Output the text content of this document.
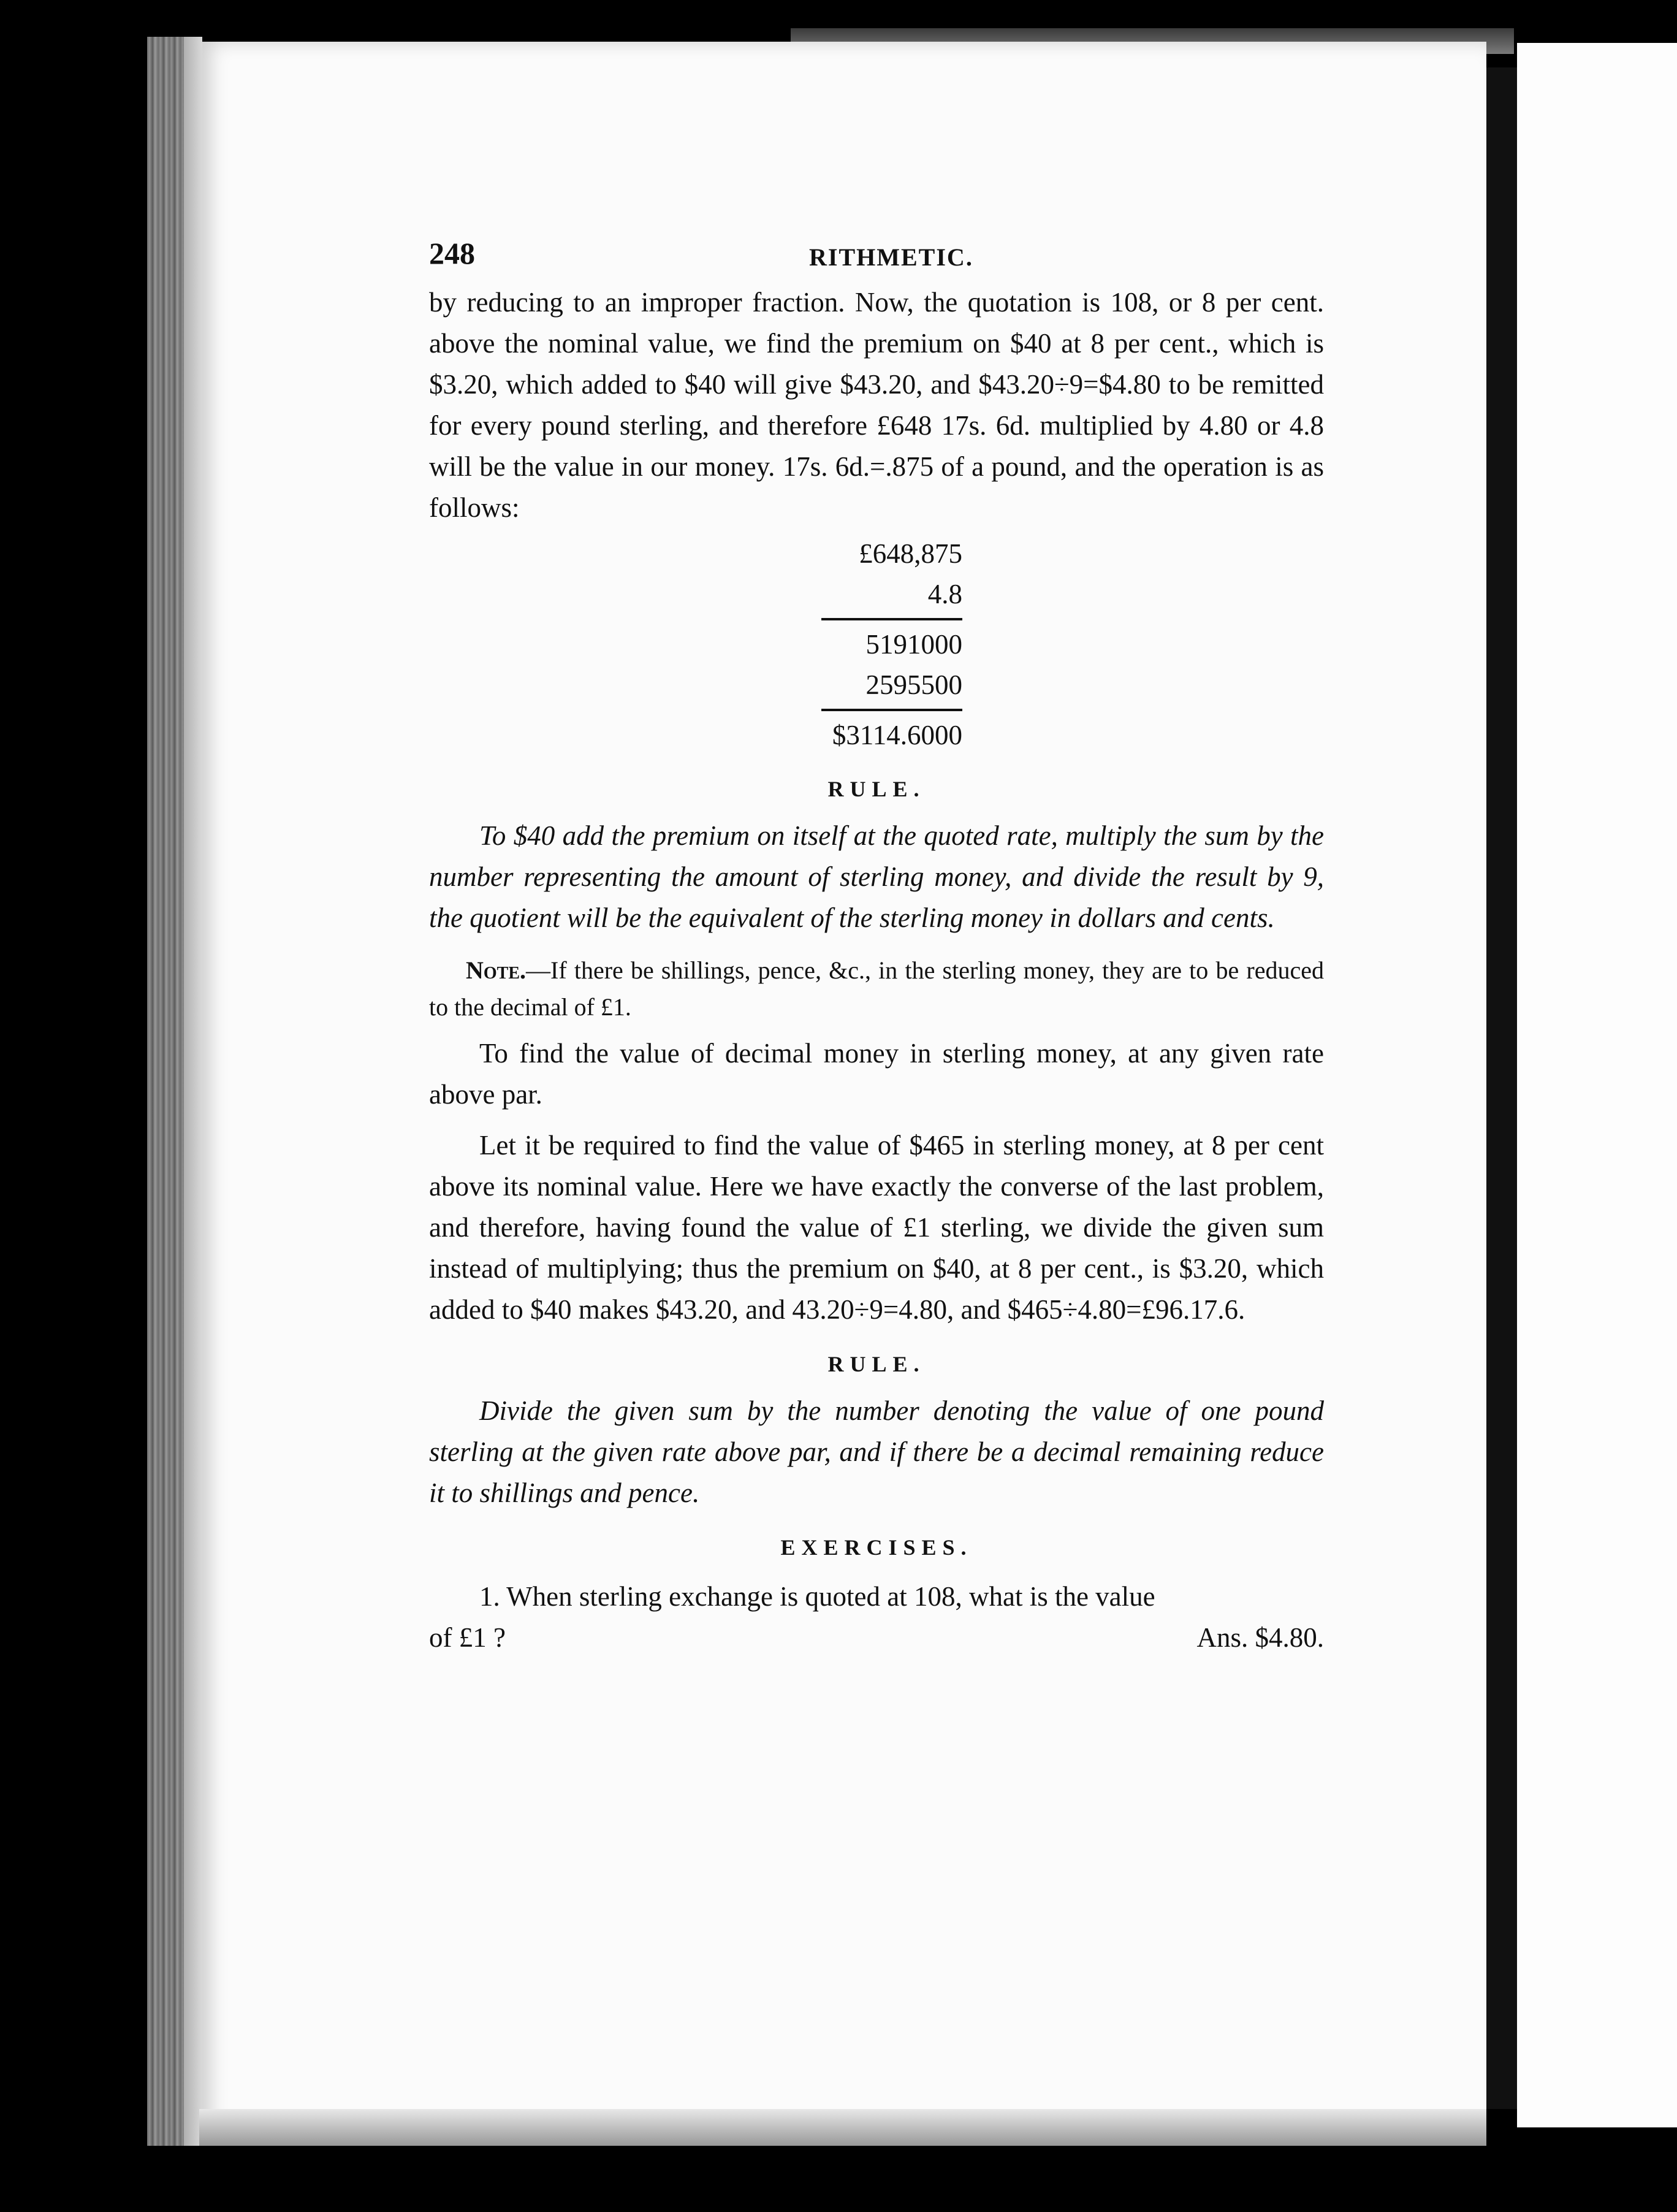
248	RITHMETIC.

by reducing to an improper fraction. Now, the quotation is 108, or 8 per cent. above the nominal value, we find the premium on $40 at 8 per cent., which is $3.20, which added to $40 will give $43.20, and $43.20÷9=$4.80 to be remitted for every pound sterling, and therefore £648 17s. 6d. multiplied by 4.80 or 4.8 will be the value in our money. 17s. 6d.=.875 of a pound, and the operation is as follows:

£648,875
4.8
5191000
2595500
$3114.6000
RULE.

To $40 add the premium on itself at the quoted rate, multiply the sum by the number representing the amount of sterling money, and divide the result by 9, the quotient will be the equivalent of the sterling money in dollars and cents.

Note.—If there be shillings, pence, &c., in the sterling money, they are to be reduced to the decimal of £1.

To find the value of decimal money in sterling money, at any given rate above par.

Let it be required to find the value of $465 in sterling money, at 8 per cent above its nominal value. Here we have exactly the converse of the last problem, and therefore, having found the value of £1 sterling, we divide the given sum instead of multiplying; thus the premium on $40, at 8 per cent., is $3.20, which added to $40 makes $43.20, and 43.20÷9=4.80, and $465÷4.80=£96.17.6.

RULE.

Divide the given sum by the number denoting the value of one pound sterling at the given rate above par, and if there be a decimal remaining reduce it to shillings and pence.

EXERCISES.

1. When sterling exchange is quoted at 108, what is the value

of £1 ?	Ans. $4.80.
